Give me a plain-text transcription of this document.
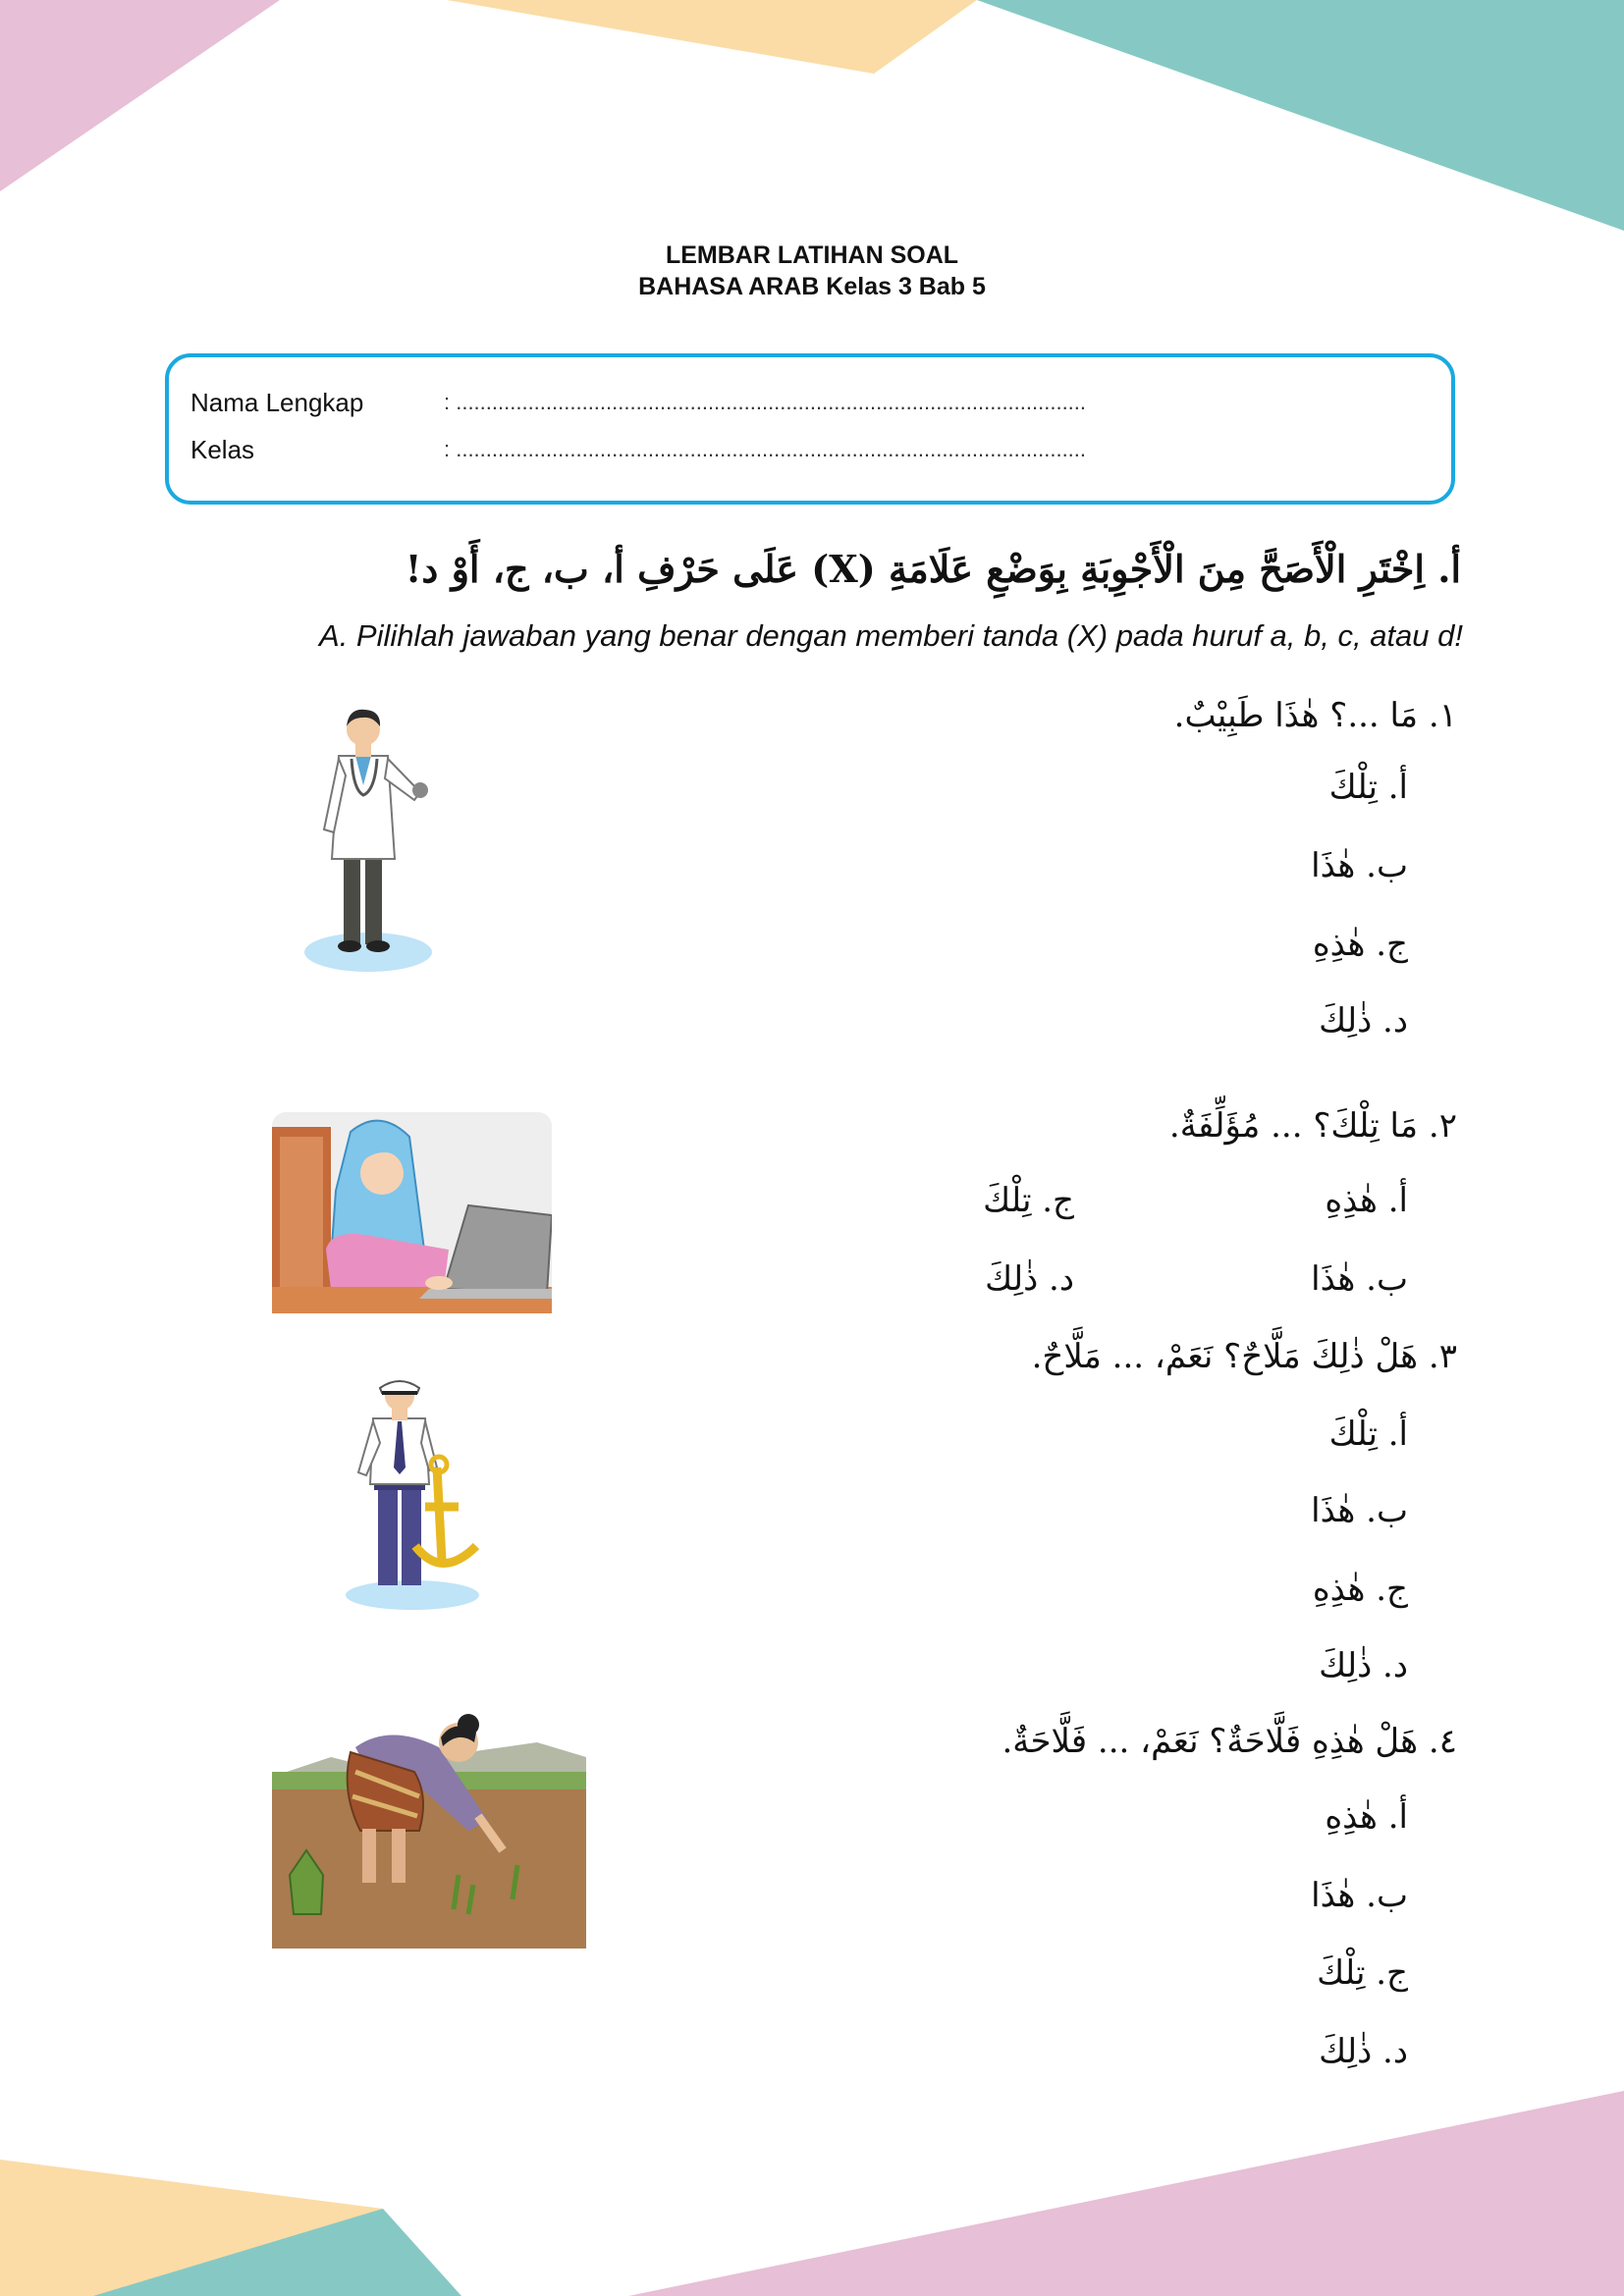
LEMBAR LATIHAN SOAL
BAHASA ARAB Kelas 3 Bab 5
Nama Lengkap	: .........................................................................................................
Kelas	: .........................................................................................................
أ. اِخْتَرِ الْأَصَحَّ مِنَ الْأَجْوِبَةِ بِوَضْعِ عَلَامَةِ (X) عَلَى حَرْفِ أ، ب، ج، أَوْ د!
A. Pilihlah jawaban yang benar dengan memberi tanda (X) pada huruf a, b, c, atau d!
١. مَا ...؟ هٰذَا طَبِيْبٌ.
أ. تِلْكَ
ب. هٰذَا
ج. هٰذِهِ
د. ذٰلِكَ
٢. مَا تِلْكَ؟ ... مُؤَلِّفَةٌ.
أ. هٰذِهِ
ب. هٰذَا
ج. تِلْكَ
د. ذٰلِكَ
٣. هَلْ ذٰلِكَ مَلَّاحٌ؟ نَعَمْ، ... مَلَّاحٌ.
أ. تِلْكَ
ب. هٰذَا
ج. هٰذِهِ
د. ذٰلِكَ
٤. هَلْ هٰذِهِ فَلَّاحَةٌ؟ نَعَمْ، ... فَلَّاحَةٌ.
أ. هٰذِهِ
ب. هٰذَا
ج. تِلْكَ
د. ذٰلِكَ
